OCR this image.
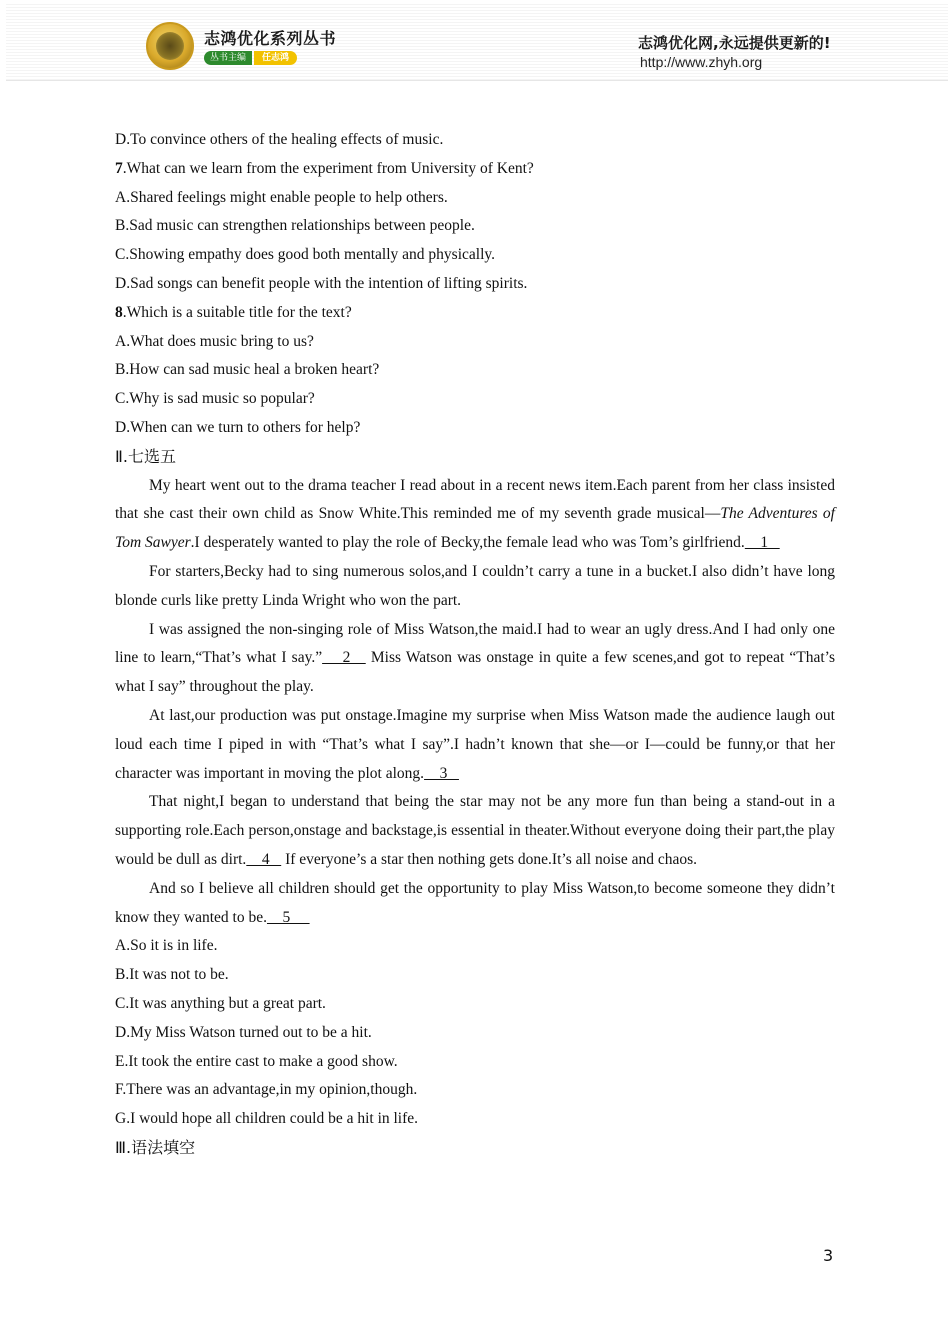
志鸿优化系列丛书
丛书主编	任志鸿
志鸿优化网,永远提供更新的!
http://www.zhyh.org
D.To convince others of the healing effects of music.
7.What can we learn from the experiment from University of Kent?
A.Shared feelings might enable people to help others.
B.Sad music can strengthen relationships between people.
C.Showing empathy does good both mentally and physically.
D.Sad songs can benefit people with the intention of lifting spirits.
8.Which is a suitable title for the text?
A.What does music bring to us?
B.How can sad music heal a broken heart?
C.Why is sad music so popular?
D.When can we turn to others for help?
Ⅱ.七选五
My heart went out to the drama teacher I read about in a recent news item.Each parent from her class insisted that she cast their own child as Snow White.This reminded me of my seventh grade musical—The Adventures of Tom Sawyer.I desperately wanted to play the role of Becky,the female lead who was Tom’s girlfriend.    1
For starters,Becky had to sing numerous solos,and I couldn’t carry a tune in a bucket.I also didn’t have long blonde curls like pretty Linda Wright who won the part.
I was assigned the non-singing role of Miss Watson,the maid.I had to wear an ugly dress.And I had only one line to learn,“That’s what I say.”    2    Miss Watson was onstage in quite a few scenes,and got to repeat “That’s what I say” throughout the play.
At last,our production was put onstage.Imagine my surprise when Miss Watson made the audience laugh out loud each time I piped in with “That’s what I say”.I hadn’t known that she—or I—could be funny,or that her character was important in moving the plot along.    3
That night,I began to understand that being the star may not be any more fun than being a stand-out in a supporting role.Each person,onstage and backstage,is essential in theater.Without everyone doing their part,the play would be dull as dirt.    4    If everyone’s a star then nothing gets done.It’s all noise and chaos.
And so I believe all children should get the opportunity to play Miss Watson,to become someone they didn’t know they wanted to be.    5
A.So it is in life.
B.It was not to be.
C.It was anything but a great part.
D.My Miss Watson turned out to be a hit.
E.It took the entire cast to make a good show.
F.There was an advantage,in my opinion,though.
G.I would hope all children could be a hit in life.
Ⅲ.语法填空
3
